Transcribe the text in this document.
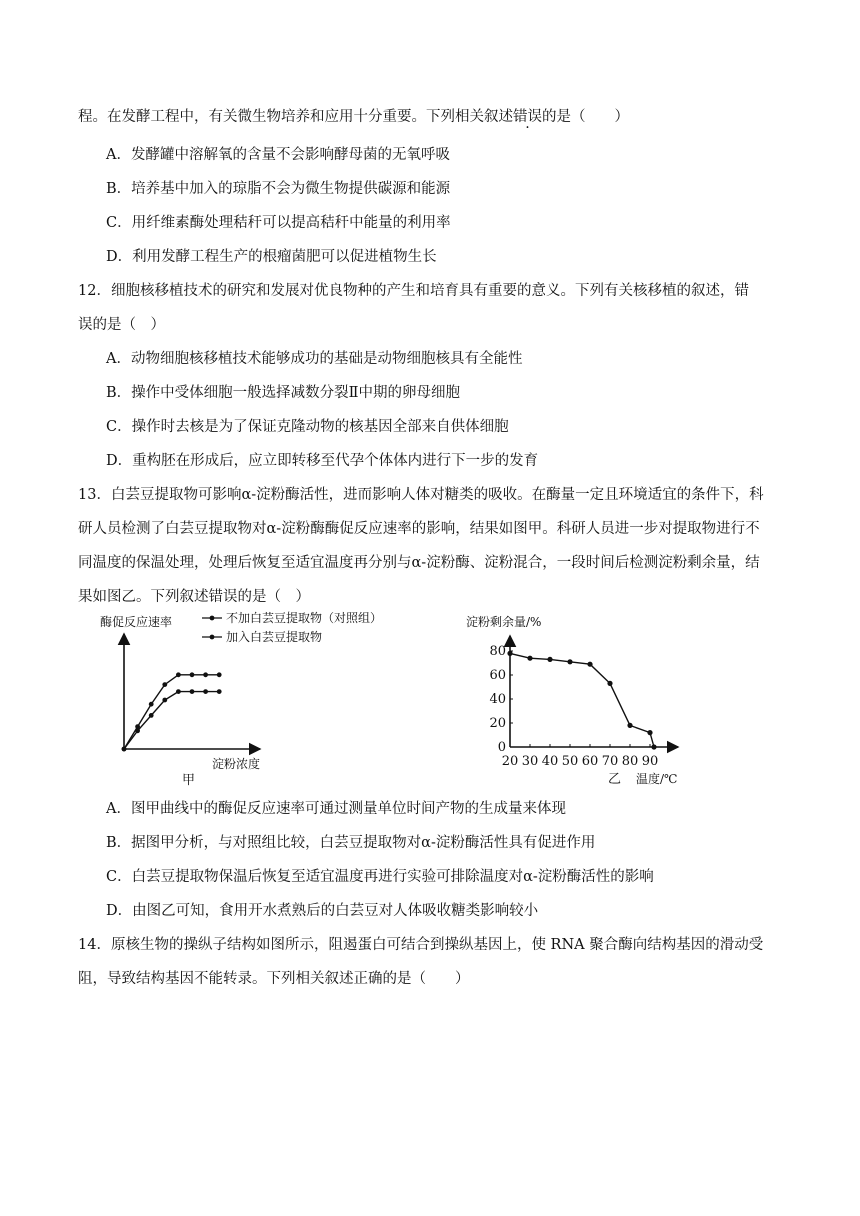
程。在发酵工程中，有关微生物培养和应用十分重要。下列相关叙述错误的是（　　）
A．发酵罐中溶解氧的含量不会影响酵母菌的无氧呼吸
B．培养基中加入的琼脂不会为微生物提供碳源和能源
C．用纤维素酶处理秸秆可以提高秸秆中能量的利用率
D．利用发酵工程生产的根瘤菌肥可以促进植物生长
12．细胞核移植技术的研究和发展对优良物种的产生和培育具有重要的意义。下列有关核移植的叙述，错
误的是（　）
A．动物细胞核移植技术能够成功的基础是动物细胞核具有全能性
B．操作中受体细胞一般选择减数分裂Ⅱ中期的卵母细胞
C．操作时去核是为了保证克隆动物的核基因全部来自供体细胞
D．重构胚在形成后，应立即转移至代孕个体体内进行下一步的发育
13．白芸豆提取物可影响α-淀粉酶活性，进而影响人体对糖类的吸收。在酶量一定且环境适宜的条件下，科
研人员检测了白芸豆提取物对α-淀粉酶酶促反应速率的影响，结果如图甲。科研人员进一步对提取物进行不
同温度的保温处理，处理后恢复至适宜温度再分别与α-淀粉酶、淀粉混合，一段时间后检测淀粉剩余量，结
果如图乙。下列叙述错误的是（　）
酶促反应速率	不加白芸豆提取物（对照组）
加入白芸豆提取物
淀粉浓度
甲
淀粉剩余量/%
20 30 40 50 60 70 80 90
0
20
40
60
80
乙 温度/℃
A．图甲曲线中的酶促反应速率可通过测量单位时间产物的生成量来体现
B．据图甲分析，与对照组比较，白芸豆提取物对α-淀粉酶活性具有促进作用
C．白芸豆提取物保温后恢复至适宜温度再进行实验可排除温度对α-淀粉酶活性的影响
D．由图乙可知，食用开水煮熟后的白芸豆对人体吸收糖类影响较小
14．原核生物的操纵子结构如图所示，阻遏蛋白可结合到操纵基因上，使 RNA 聚合酶向结构基因的滑动受
阻，导致结构基因不能转录。下列相关叙述正确的是（　　）
